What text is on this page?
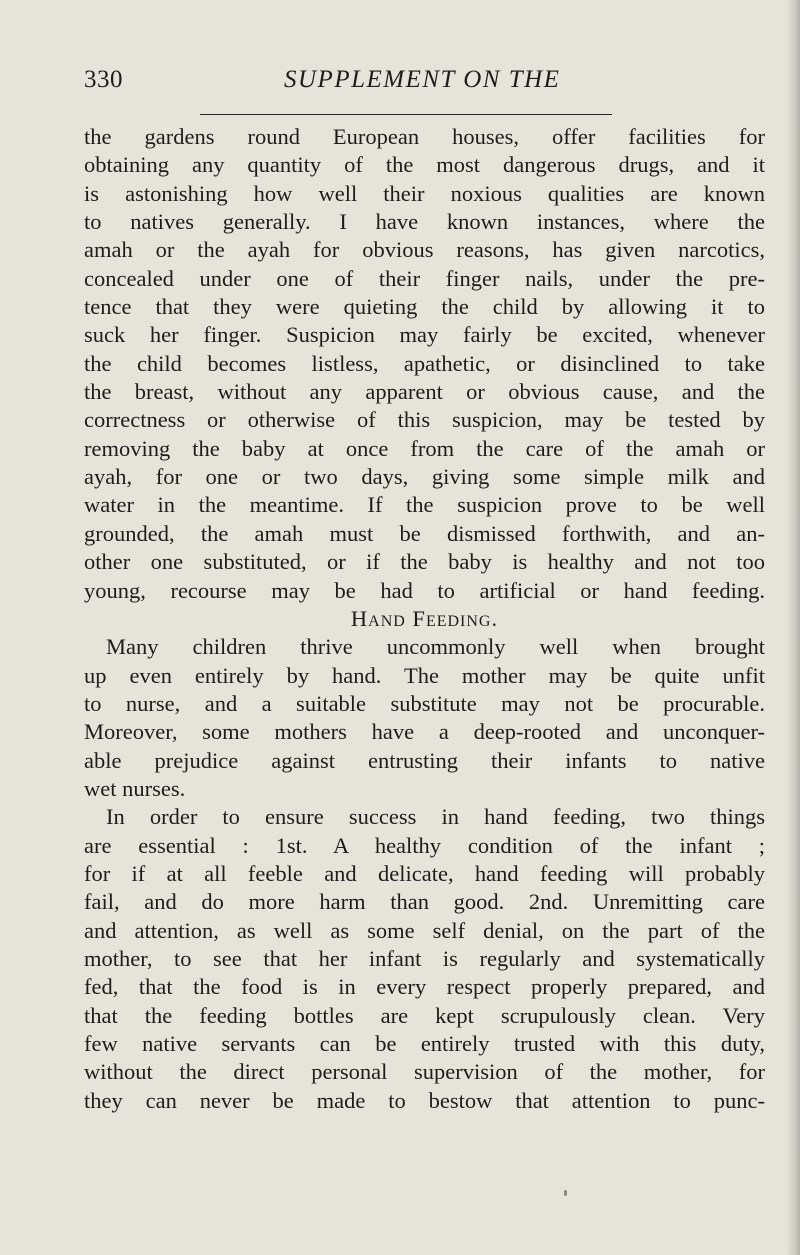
330	SUPPLEMENT ON THE
the gardens round European houses, offer facilities for
obtaining any quantity of the most dangerous drugs, and it
is astonishing how well their noxious qualities are known
to natives generally. I have known instances, where the
amah or the ayah for obvious reasons, has given narcotics,
concealed under one of their finger nails, under the pre-
tence that they were quieting the child by allowing it to
suck her finger. Suspicion may fairly be excited, whenever
the child becomes listless, apathetic, or disinclined to take
the breast, without any apparent or obvious cause, and the
correctness or otherwise of this suspicion, may be tested by
removing the baby at once from the care of the amah or
ayah, for one or two days, giving some simple milk and
water in the meantime. If the suspicion prove to be well
grounded, the amah must be dismissed forthwith, and an-
other one substituted, or if the baby is healthy and not too
young, recourse may be had to artificial or hand feeding.
Hand Feeding.
Many children thrive uncommonly well when brought
up even entirely by hand. The mother may be quite unfit
to nurse, and a suitable substitute may not be procurable.
Moreover, some mothers have a deep-rooted and unconquer-
able prejudice against entrusting their infants to native
wet nurses.
In order to ensure success in hand feeding, two things
are essential : 1st. A healthy condition of the infant ;
for if at all feeble and delicate, hand feeding will probably
fail, and do more harm than good. 2nd. Unremitting care
and attention, as well as some self denial, on the part of the
mother, to see that her infant is regularly and systematically
fed, that the food is in every respect properly prepared, and
that the feeding bottles are kept scrupulously clean. Very
few native servants can be entirely trusted with this duty,
without the direct personal supervision of the mother, for
they can never be made to bestow that attention to punc-
